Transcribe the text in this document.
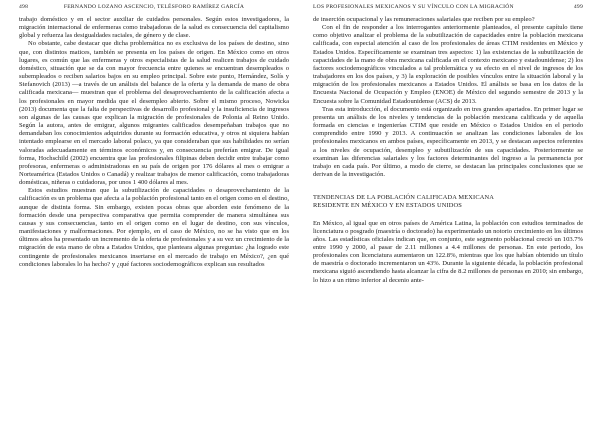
498	FERNANDO LOZANO ASCENCIO, TELÉSFORO RAMÍREZ GARCÍA

trabajo doméstico y en el sector auxiliar de cuidados personales. Según estos investigadores, la migración internacional de enfermeras como trabajadoras de la salud es consecuencia del capitalismo global y refuerza las desigualdades raciales, de género y de clase.

No obstante, cabe destacar que dicha problemática no es exclusiva de los países de destino, sino que, con distintos matices, también se presenta en los países de origen. En México como en otros lugares, es común que las enfermeras y otros especialistas de la salud realicen trabajos de cuidado doméstico, situación que se da con mayor frecuencia entre quienes se encuentran desempleados o subempleados o reciben salarios bajos en su empleo principal. Sobre este punto, Hernández, Solís y Stefanovich (2013) —a través de un análisis del balance de la oferta y la demanda de mano de obra calificada mexicana— muestran que el problema del desaprovechamiento de la calificación afecta a los profesionales en mayor medida que el desempleo abierto. Sobre el mismo proceso, Nowicka (2013) documenta que la falta de perspectivas de desarrollo profesional y la insuficiencia de ingresos son algunas de las causas que explican la migración de profesionales de Polonia al Reino Unido. Según la autora, antes de emigrar, algunos migrantes calificados desempeñaban trabajos que no demandaban los conocimientos adquiridos durante su formación educativa, y otros ni siquiera habían intentado emplearse en el mercado laboral polaco, ya que consideraban que sus habilidades no serían valoradas adecuadamente en términos económicos y, en consecuencia preferían emigrar. De igual forma, Hochschild (2002) encuentra que las profesionales filipinas deben decidir entre trabajar como profesoras, enfermeras o administradoras en su país de origen por 176 dólares al mes o emigrar a Norteamérica (Estados Unidos o Canadá) y realizar trabajos de menor calificación, como trabajadoras domésticas, niñeras o cuidadoras, por unos 1 400 dólares al mes.

Estos estudios muestran que la subutilización de capacidades o desaprovechamiento de la calificación es un problema que afecta a la población profesional tanto en el origen como en el destino, aunque de distinta forma. Sin embargo, existen pocas obras que aborden este fenómeno de la formación desde una perspectiva comparativa que permita comprender de manera simultánea sus causas y sus consecuencias, tanto en el origen como en el lugar de destino, con sus vínculos, manifestaciones y malformaciones. Por ejemplo, en el caso de México, no se ha visto que en los últimos años ha presentado un incremento de la oferta de profesionales y a su vez un crecimiento de la migración de esta mano de obra a Estados Unidos, que planteara algunas preguntas: ¿ha logrado este contingente de profesionales mexicanos insertarse en el mercado de trabajo en México?, ¿en qué condiciones laborales lo ha hecho? y ¿qué factores sociodemográficos explican sus resultados

LOS PROFESIONALES MEXICANOS Y SU VÍNCULO CON LA MIGRACIÓN	499

de inserción ocupacional y las remuneraciones salariales que reciben por su empleo?

Con el fin de responder a los interrogantes anteriormente planteados, el presente capítulo tiene como objetivo analizar el problema de la subutilización de capacidades entre la población mexicana calificada, con especial atención al caso de los profesionales de áreas CTIM residentes en México y Estados Unidos. Específicamente se examinan tres aspectos: 1) las existencias de la subutilización de capacidades de la mano de obra mexicana calificada en el contexto mexicano y estadounidense; 2) los factores sociodemográficos vinculados a tal problemática y su efecto en el nivel de ingresos de los trabajadores en los dos países, y 3) la exploración de posibles vínculos entre la situación laboral y la migración de los profesionales mexicanos a Estados Unidos. El análisis se basa en los datos de la Encuesta Nacional de Ocupación y Empleo (ENOE) de México del segundo semestre de 2013 y la Encuesta sobre la Comunidad Estadounidense (ACS) de 2013.

Tras esta introducción, el documento está organizado en tres grandes apartados. En primer lugar se presenta un análisis de los niveles y tendencias de la población mexicana calificada y de aquella formada en ciencias e ingenierías CTIM que reside en México o Estados Unidos en el periodo comprendido entre 1990 y 2013. A continuación se analizan las condiciones laborales de los profesionales mexicanos en ambos países, específicamente en 2013, y se destacan aspectos referentes a los niveles de ocupación, desempleo y subutilización de sus capacidades. Posteriormente se examinan las diferencias salariales y los factores determinantes del ingreso a la permanencia por trabajo en cada país. Por último, a modo de cierre, se destacan las principales conclusiones que se derivan de la investigación.

TENDENCIAS DE LA POBLACIÓN CALIFICADA MEXICANA
RESIDENTE EN MÉXICO Y EN ESTADOS UNIDOS

En México, al igual que en otros países de América Latina, la población con estudios terminados de licenciatura o posgrado (maestría o doctorado) ha experimentado un notorio crecimiento en los últimos años. Las estadísticas oficiales indican que, en conjunto, este segmento poblacional creció un 103.7% entre 1990 y 2000, al pasar de 2.11 millones a 4.4 millones de personas. En este periodo, los profesionales con licenciatura aumentaron un 122.8%, mientras que los que habían obtenido un título de maestría o doctorado incrementaron un 43%. Durante la siguiente década, la población profesional mexicana siguió ascendiendo hasta alcanzar la cifra de 8.2 millones de personas en 2010; sin embargo, lo hizo a un ritmo inferior al decenio ante-
